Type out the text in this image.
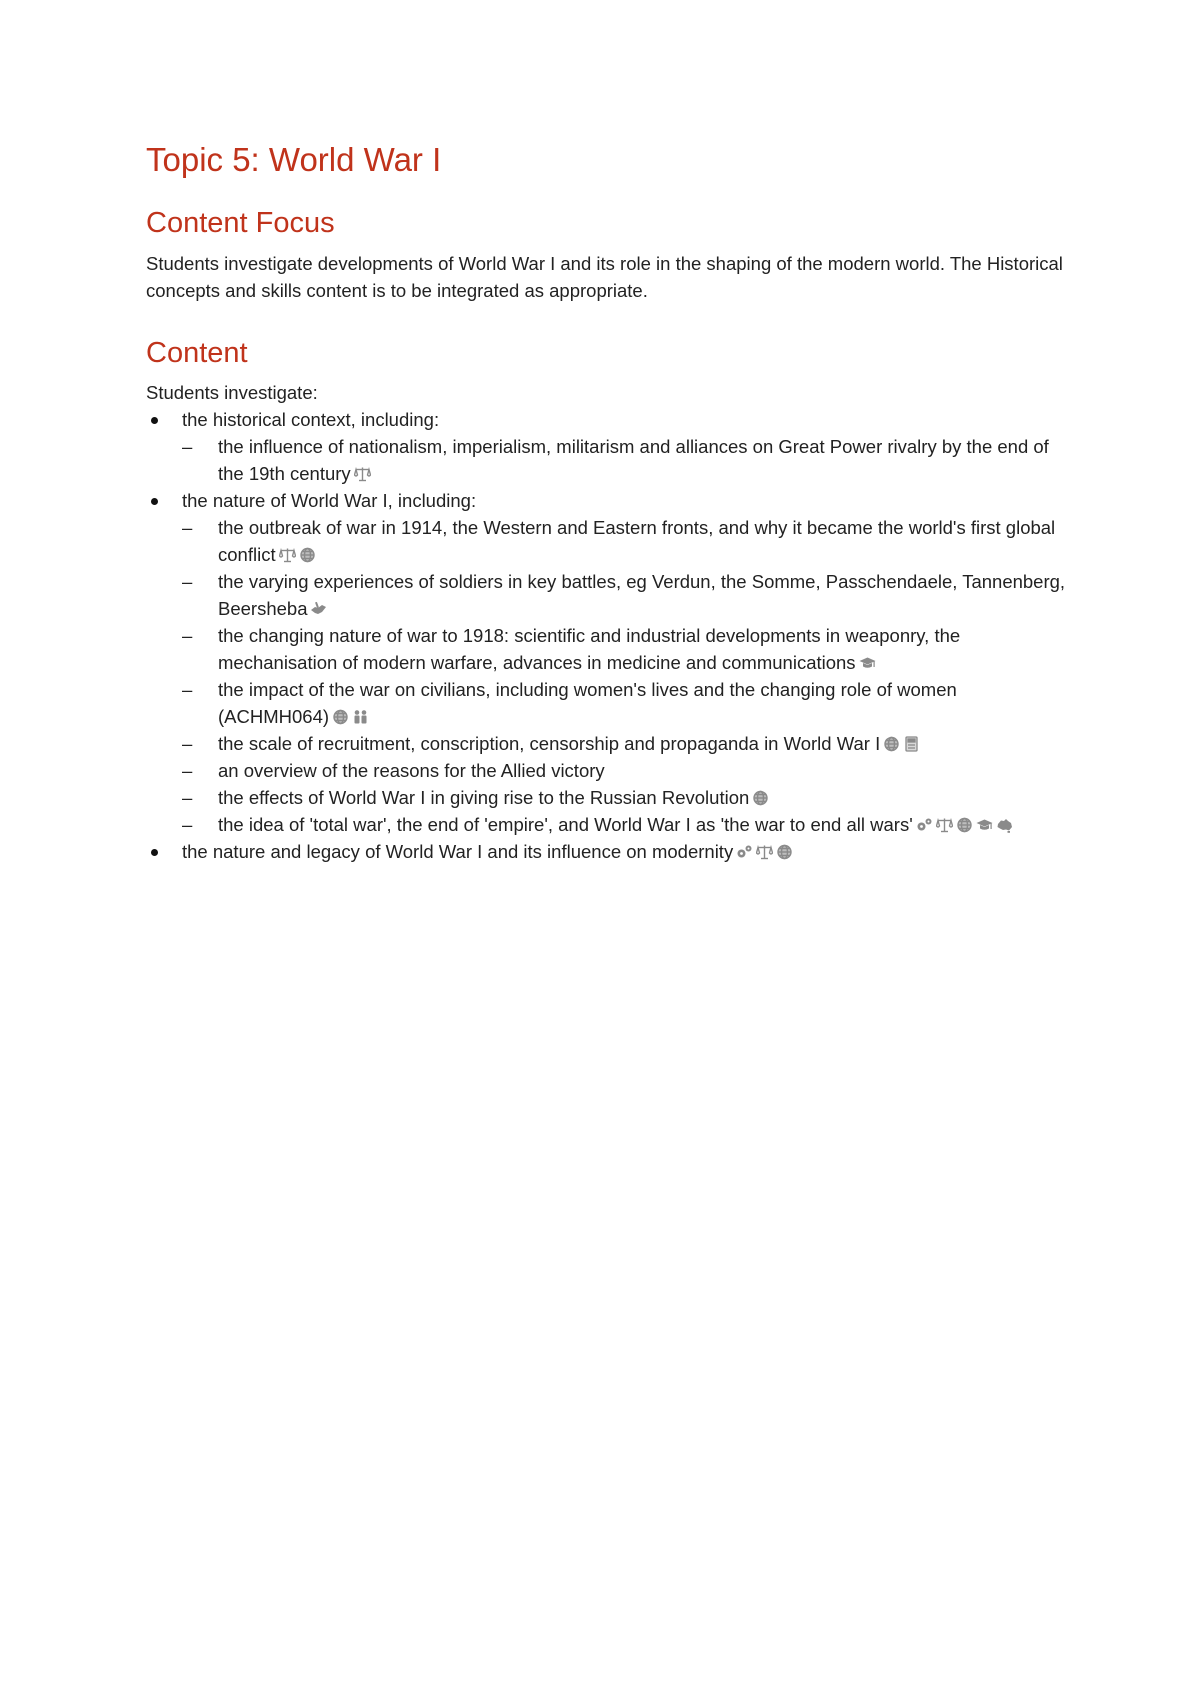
Topic 5: World War I
Content Focus

Students investigate developments of World War I and its role in the shaping of the modern world. The Historical concepts and skills content is to be integrated as appropriate.

Content
Students investigate:
the historical context, including:
– the influence of nationalism, imperialism, militarism and alliances on Great Power rivalry by the end of the 19th century
the nature of World War I, including:
– the outbreak of war in 1914, the Western and Eastern fronts, and why it became the world's first global conflict
– the varying experiences of soldiers in key battles, eg Verdun, the Somme, Passchendaele, Tannenberg, Beersheba
– the changing nature of war to 1918: scientific and industrial developments in weaponry, the mechanisation of modern warfare, advances in medicine and communications
– the impact of the war on civilians, including women's lives and the changing role of women (ACHMH064)
– the scale of recruitment, conscription, censorship and propaganda in World War I
– an overview of the reasons for the Allied victory
– the effects of World War I in giving rise to the Russian Revolution
– the idea of 'total war', the end of 'empire', and World War I as 'the war to end all wars'
the nature and legacy of World War I and its influence on modernity
